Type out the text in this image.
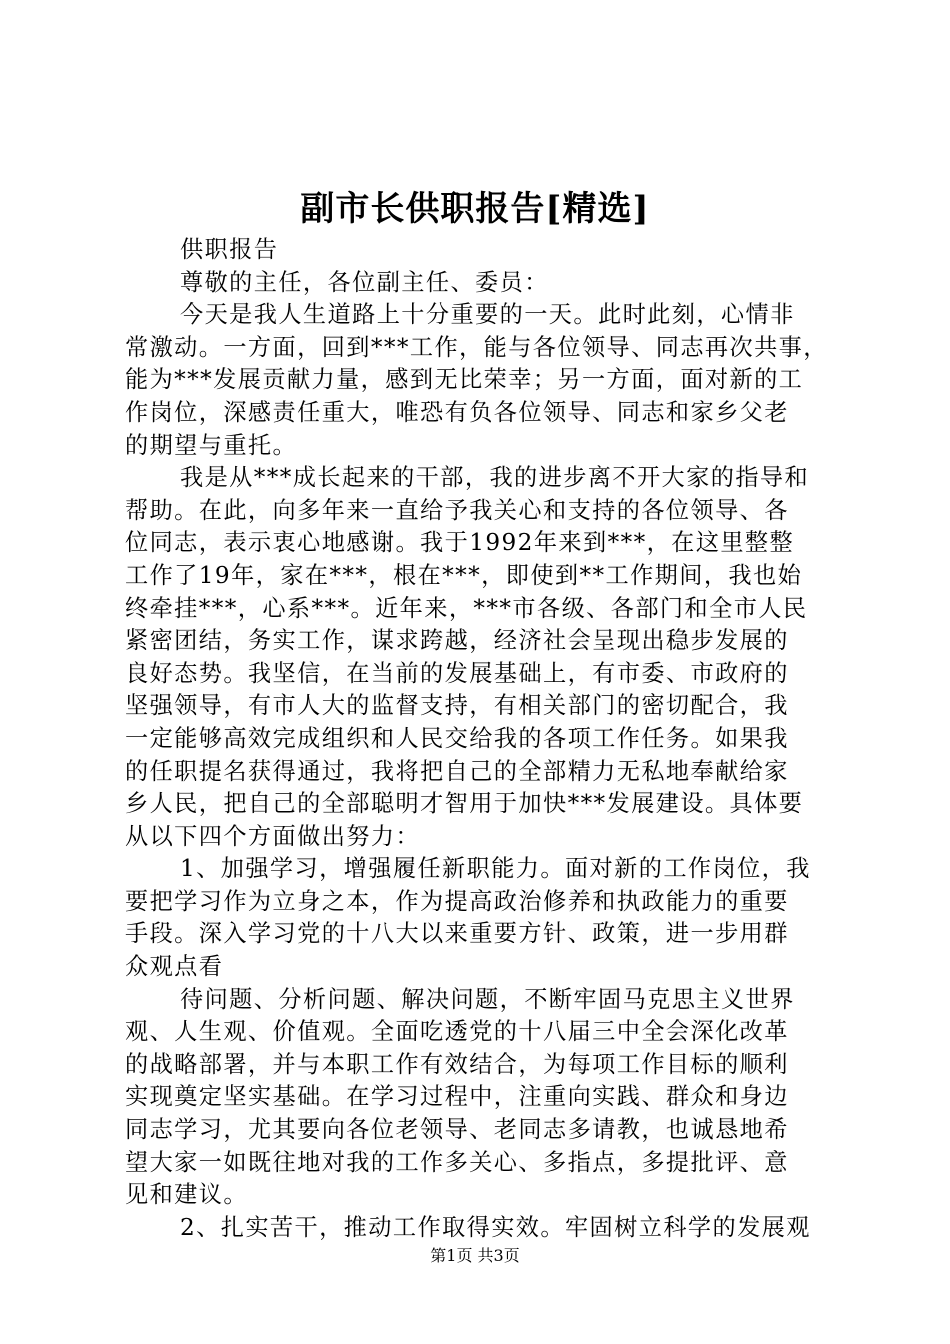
副市长供职报告[精选]
供职报告
尊敬的主任，各位副主任、委员：
今天是我人生道路上十分重要的一天。此时此刻，心情非
常激动。一方面，回到***工作，能与各位领导、同志再次共事，
能为***发展贡献力量，感到无比荣幸；另一方面，面对新的工
作岗位，深感责任重大，唯恐有负各位领导、同志和家乡父老
的期望与重托。
我是从***成长起来的干部，我的进步离不开大家的指导和
帮助。在此，向多年来一直给予我关心和支持的各位领导、各
位同志，表示衷心地感谢。我于1992年来到***，在这里整整
工作了19年，家在***，根在***，即使到**工作期间，我也始
终牵挂***，心系***。近年来，***市各级、各部门和全市人民
紧密团结，务实工作，谋求跨越，经济社会呈现出稳步发展的
良好态势。我坚信，在当前的发展基础上，有市委、市政府的
坚强领导，有市人大的监督支持，有相关部门的密切配合，我
一定能够高效完成组织和人民交给我的各项工作任务。如果我
的任职提名获得通过，我将把自己的全部精力无私地奉献给家
乡人民，把自己的全部聪明才智用于加快***发展建设。具体要
从以下四个方面做出努力：
1、加强学习，增强履任新职能力。面对新的工作岗位，我
要把学习作为立身之本，作为提高政治修养和执政能力的重要
手段。深入学习党的十八大以来重要方针、政策，进一步用群
众观点看
待问题、分析问题、解决问题，不断牢固马克思主义世界
观、人生观、价值观。全面吃透党的十八届三中全会深化改革
的战略部署，并与本职工作有效结合，为每项工作目标的顺利
实现奠定坚实基础。在学习过程中，注重向实践、群众和身边
同志学习，尤其要向各位老领导、老同志多请教，也诚恳地希
望大家一如既往地对我的工作多关心、多指点，多提批评、意
见和建议。
2、扎实苦干，推动工作取得实效。牢固树立科学的发展观
第1页 共3页
